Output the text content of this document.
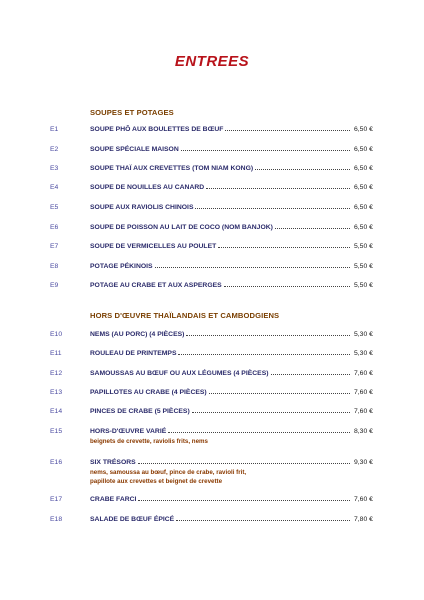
ENTREES
SOUPES ET POTAGES
E1	SOUPE PHÔ AUX BOULETTES DE BŒUF	6,50 €
E2	SOUPE SPÉCIALE MAISON	6,50 €
E3	SOUPE THAÏ AUX CREVETTES (TOM NIAM KONG)	6,50 €
E4	SOUPE DE NOUILLES AU CANARD	6,50 €
E5	SOUPE AUX RAVIOLIS CHINOIS	6,50 €
E6	SOUPE DE POISSON AU LAIT DE COCO (NOM BANJOK)	6,50 €
E7	SOUPE DE VERMICELLES AU POULET	5,50 €
E8	POTAGE PÉKINOIS	5,50 €
E9	POTAGE AU CRABE ET AUX ASPERGES	5,50 €
HORS D'ŒUVRE THAÏLANDAIS ET CAMBODGIENS
E10	NEMS (AU PORC) (4 PIÈCES)	5,30 €
E11	ROULEAU DE PRINTEMPS	5,30 €
E12	SAMOUSSAS AU BŒUF OU AUX LÉGUMES (4 PIÈCES)	7,60 €
E13	PAPILLOTES AU CRABE (4 PIÈCES)	7,60 €
E14	PINCES DE CRABE (5 PIÈCES)	7,60 €
E15	HORS-D'ŒUVRE VARIÉ	8,30 €
beignets de crevette, raviolis frits, nems
E16	SIX TRÉSORS	9,30 €
nems, samoussa au bœuf, pince de crabe, ravioli frit,
papillote aux crevettes et beignet de crevette
E17	CRABE FARCI	7,60 €
E18	SALADE DE BŒUF ÉPICÉ	7,80 €
